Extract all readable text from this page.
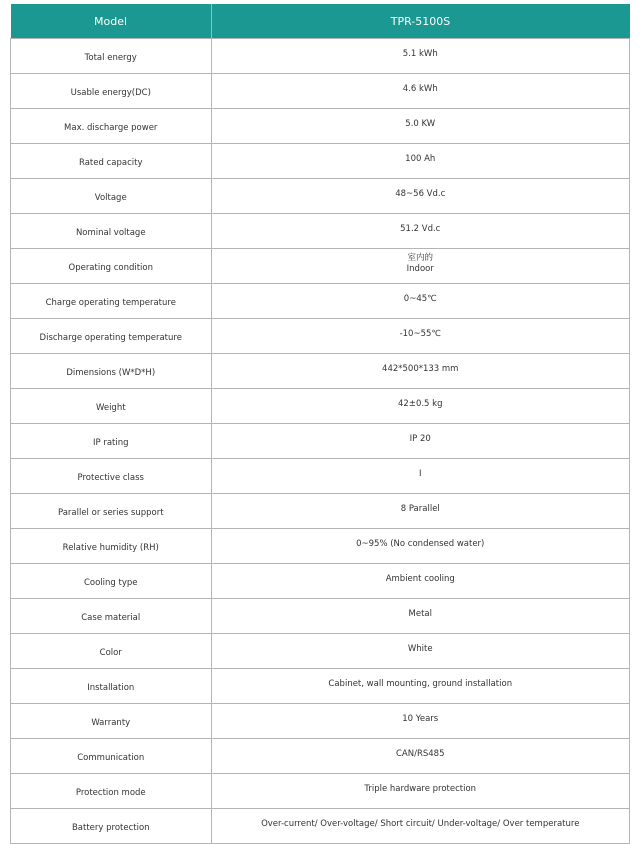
Model	TPR-5100S
Total energy	5.1 kWh
Usable energy(DC)	4.6 kWh
Max. discharge power	5.0 KW
Rated capacity	100 Ah
Voltage	48~56 Vd.c
Nominal voltage	51.2 Vd.c
Operating condition	室内的
Indoor

Charge operating temperature	0~45℃
Discharge operating temperature	-10~55℃
Dimensions (W*D*H)	442*500*133 mm
Weight	42±0.5 kg
IP rating	IP 20
Protective class	I
Parallel or series support	8 Parallel
Relative humidity (RH)	0~95% (No condensed water)
Cooling type	Ambient cooling
Case material	Metal
Color	White
Installation	Cabinet, wall mounting, ground installation
Warranty	10 Years
Communication	CAN/RS485
Protection mode	Triple hardware protection
Battery protection	Over-current/ Over-voltage/ Short circuit/ Under-voltage/ Over temperature
